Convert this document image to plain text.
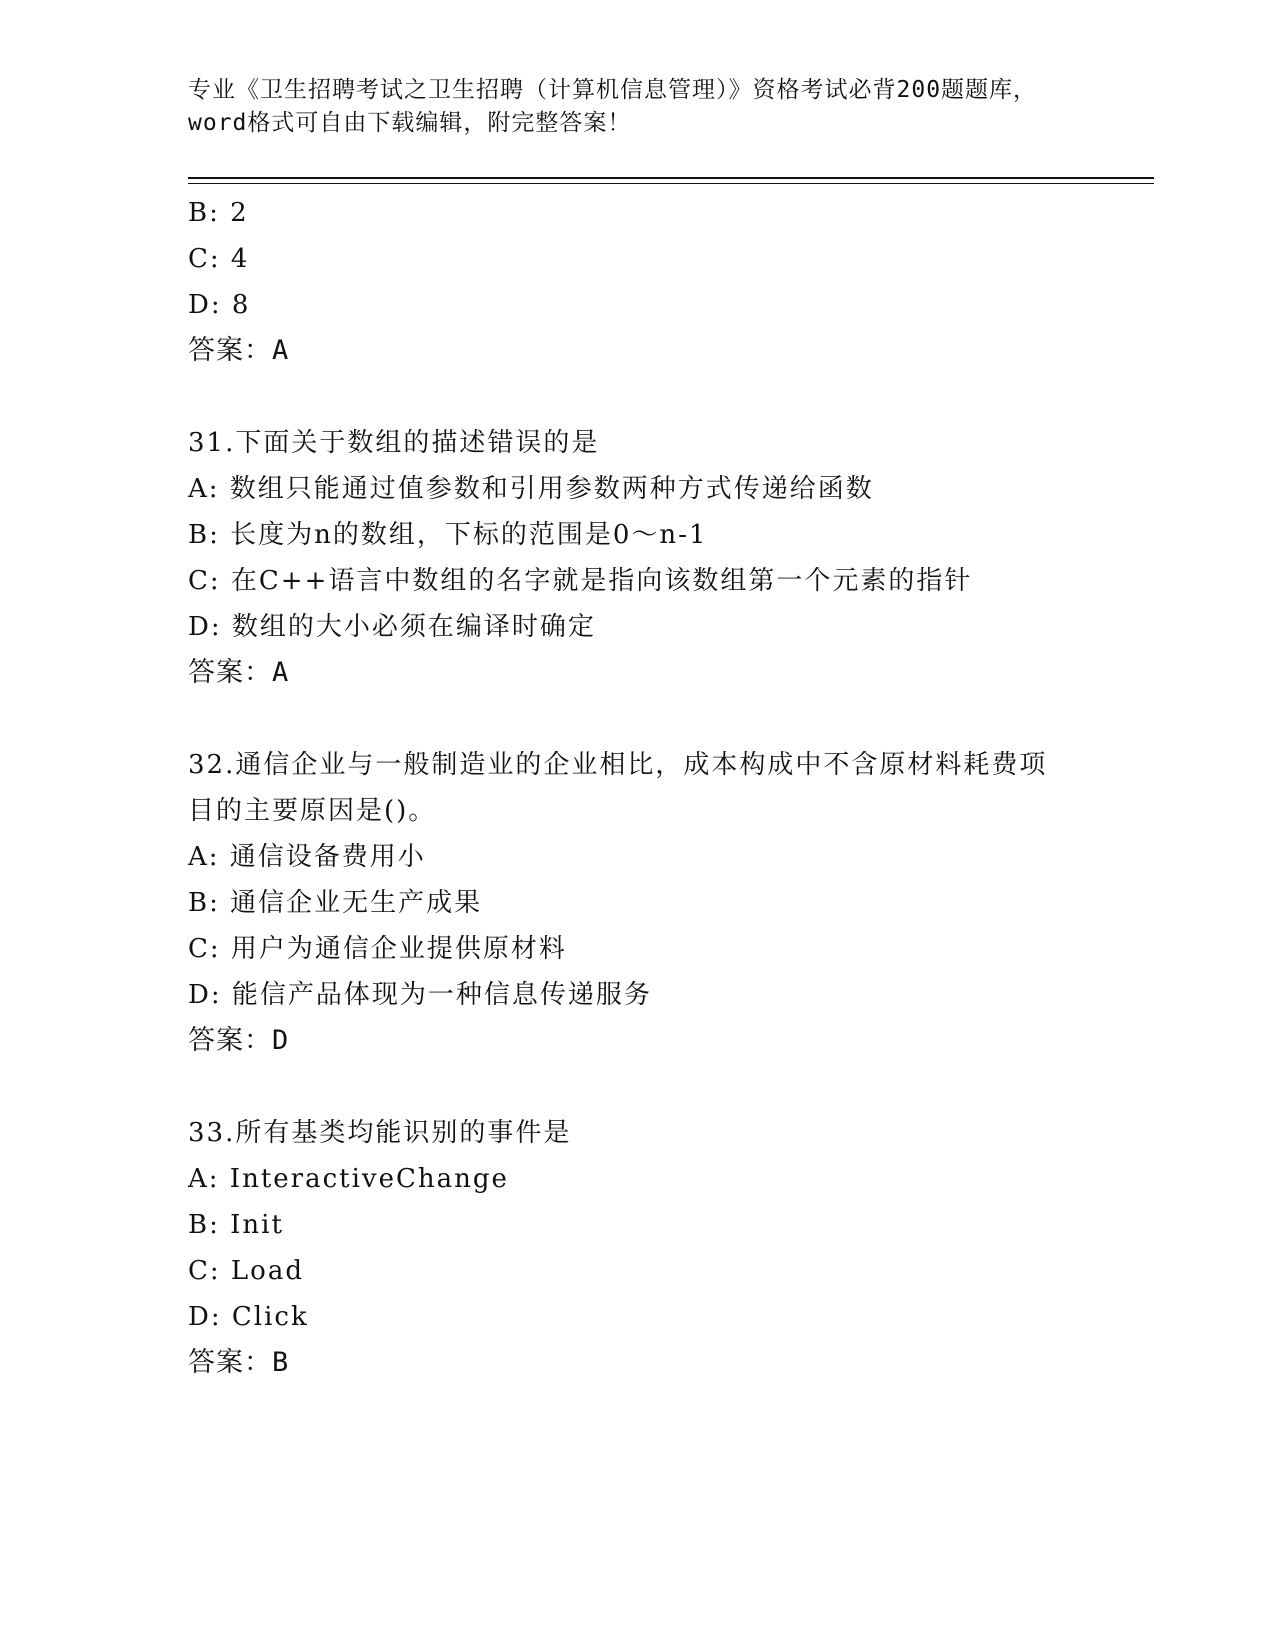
专业《卫生招聘考试之卫生招聘（计算机信息管理）》资格考试必背200题题库，
word格式可自由下载编辑，附完整答案！
B: 2
C: 4
D: 8
答案：A
31.下面关于数组的描述错误的是
A: 数组只能通过值参数和引用参数两种方式传递给函数
B: 长度为n的数组，下标的范围是0～n-1
C: 在C++语言中数组的名字就是指向该数组第一个元素的指针
D: 数组的大小必须在编译时确定
答案：A
32.通信企业与一般制造业的企业相比，成本构成中不含原材料耗费项
目的主要原因是()。
A: 通信设备费用小
B: 通信企业无生产成果
C: 用户为通信企业提供原材料
D: 能信产品体现为一种信息传递服务
答案：D
33.所有基类均能识别的事件是
A: InteractiveChange
B: Init
C: Load
D: Click
答案：B
